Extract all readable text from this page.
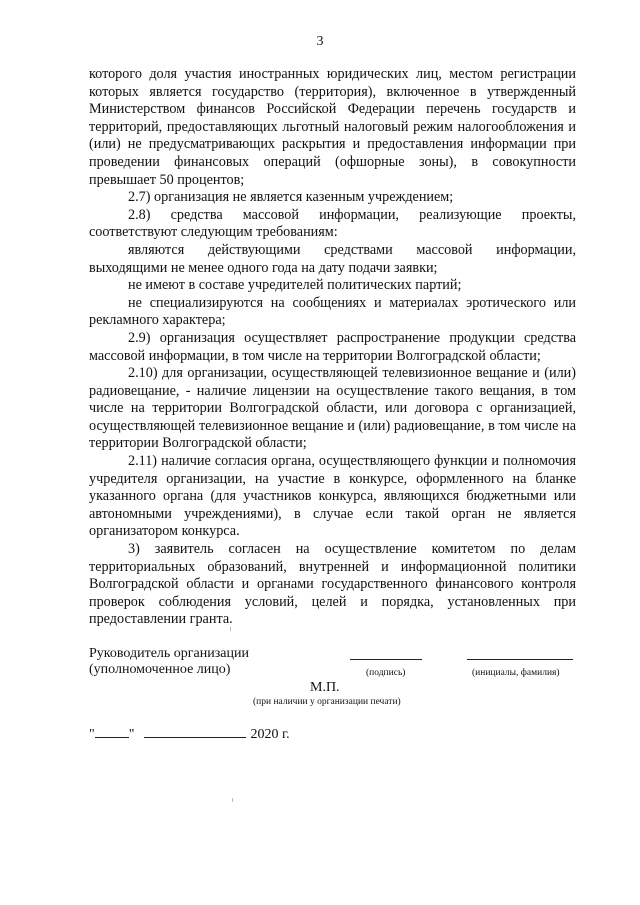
3

которого доля участия иностранных юридических лиц, местом регистрации которых является государство (территория), включенное в утвержденный Министерством финансов Российской Федерации перечень государств и территорий, предоставляющих льготный налоговый режим налогообложения и (или) не предусматривающих раскрытия и предоставления информации при проведении финансовых операций (офшорные зоны), в совокупности превышает 50 процентов;

2.7) организация не является казенным учреждением;

2.8) средства массовой информации, реализующие проекты, соответствуют следующим требованиям:

являются действующими средствами массовой информации, выходящими не менее одного года на дату подачи заявки;

не имеют в составе учредителей политических партий;

не специализируются на сообщениях и материалах эротического или рекламного характера;

2.9) организация осуществляет распространение продукции средства массовой информации, в том числе на территории Волгоградской области;

2.10) для организации, осуществляющей телевизионное вещание и (или) радиовещание, - наличие лицензии на осуществление такого вещания, в том числе на территории Волгоградской области, или договора с организацией, осуществляющей телевизионное вещание и (или) радиовещание, в том числе на территории Волгоградской области;

2.11) наличие согласия органа, осуществляющего функции и полномочия учредителя организации, на участие в конкурсе, оформленного на бланке указанного органа (для участников конкурса, являющихся бюджетными или автономными учреждениями), в случае если такой орган не является организатором конкурса.

3) заявитель согласен на осуществление комитетом по делам территориальных образований, внутренней и информационной политики Волгоградской области и органами государственного финансового контроля проверок соблюдения условий, целей и порядка, установленных при предоставлении гранта.

Руководитель организации
(уполномоченное лицо)	(подпись)	(инициалы, фамилия)
М.П.
(при наличии у организации печати)
" "	2020 г.
